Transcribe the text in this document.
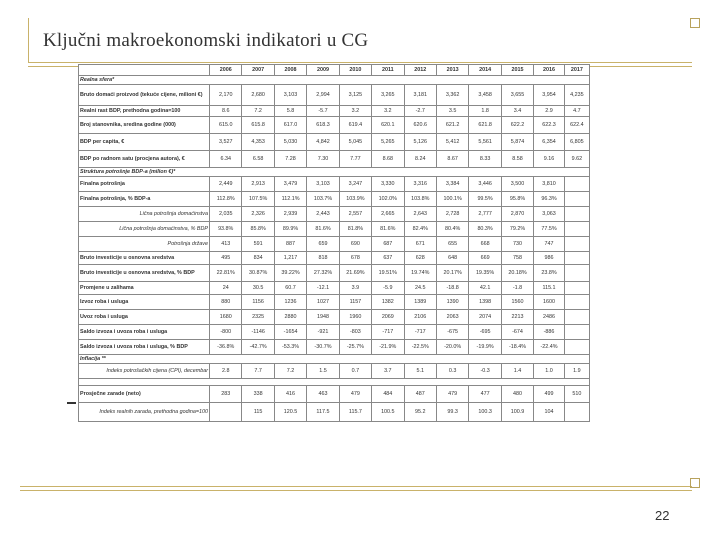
Ključni makroekonomski indikatori u CG
	2006	2007	2008	2009	2010	2011	2012	2013	2014	2015	2016	2017
Realna sfera*												
Bruto domaći proizvod (tekuće cijene, milioni €)	2,170	2,680	3,103	2,994	3,125	3,265	3,181	3,362	3,458	3,655	3,954	4,235
Realni rast BDP, prethodna godina=100	8.6	7.2	5.8	-5.7	3.2	3.2	-2.7	3.5	1.8	3.4	2.9	4.7
Broj stanovnika, sredina godine (000)	615.0	615.8	617.0	618.3	619.4	620.1	620.6	621.2	621.8	622.2	622.3	622.4
BDP per capita, €	3,527	4,353	5,030	4,842	5,045	5,265	5,126	5,412	5,561	5,874	6,354	6,805
BDP po radnom satu (procjena autora), €	6.34	6.58	7.28	7.30	7.77	8.68	8.24	8.67	8.33	8.58	9.16	9.62
Struktura potrošnje BDP-a (milion €)*												
Finalna potrošnja	2,449	2,913	3,479	3,103	3,247	3,330	3,316	3,384	3,446	3,500	3,810	
Finalna potrošnja, % BDP-a	112.8%	107.5%	112.1%	103.7%	103.9%	102.0%	103.8%	100.1%	99.5%	95.8%	96.3%	
Lična potrošnja domaćinstva	2,035	2,326	2,939	2,443	2,557	2,665	2,643	2,728	2,777	2,870	3,063	
Lična potrošnja domaćinstva, % BDP	93.8%	85.8%	89.9%	81.6%	81.8%	81.6%	82.4%	80.4%	80.3%	79.2%	77.5%	
Potrošnja države	413	591	887	659	690	687	671	655	668	730	747	
Bruto investicije u osnovna sredstva	495	834	1,217	818	678	637	628	648	669	758	986	
Bruto investicije u osnovna sredstva, % BDP	22.81%	30.87%	39.22%	27.32%	21.69%	19.51%	19.74%	20.17%	19.35%	20.18%	23.8%	
Promjene u zalihama	24	30.5	60.7	-12.1	3.9	-5.9	24.5	-18.8	42.1	-1.8	115.1	
Izvoz roba i usluga	880	1156	1236	1027	1157	1382	1389	1390	1398	1560	1600	
Uvoz roba i usluga	1680	2325	2880	1948	1960	2069	2106	2063	2074	2213	2486	
Saldo izvoza i uvoza roba i usluga	-800	-1146	-1654	-921	-803	-717	-717	-675	-695	-674	-886	
Saldo izvoza i uvoza roba i usluga, % BDP	-36.8%	-42.7%	-53.3%	-30.7%	-25.7%	-21.9%	-22.5%	-20.0%	-19.9%	-18.4%	-22.4%	
Inflacija **												
Indeks potrošačkih cijena (CPI), decembar	2.8	7.7	7.2	1.5	0.7	3.7	5.1	0.3	-0.3	1.4	1.0	1.9

Prosječne zarade (neto)	283	338	416	463	479	484	487	479	477	480	499	510
Indeks realnih zarada, prethodna godina=100		115	120.5	117.5	115.7	100.5	95.2	99.3	100.3	100.9	104	
22
